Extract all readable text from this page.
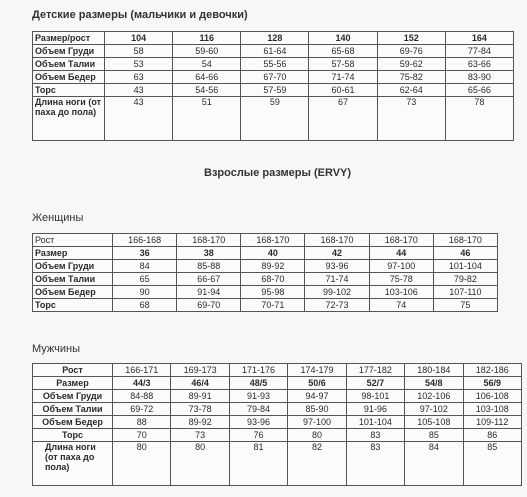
Детские размеры (мальчики и девочки)
Размер/рост	104	116	128	140	152	164
Объем Груди	58	59-60	61-64	65-68	69-76	77-84
Объем Талии	53	54	55-56	57-58	59-62	63-66
Объем Бедер	63	64-66	67-70	71-74	75-82	83-90
Торс	43	54-56	57-59	60-61	62-64	65-66
Длина ноги (от паха до пола)	43	51	59	67	73	78
Взрослые размеры (ERVY)
Женщины
Рост	166-168	168-170	168-170	168-170	168-170	168-170
Размер	36	38	40	42	44	46
Объем Груди	84	85-88	89-92	93-96	97-100	101-104
Объем Талии	65	66-67	68-70	71-74	75-78	79-82
Объем Бедер	90	91-94	95-98	99-102	103-106	107-110
Торс	68	69-70	70-71	72-73	74	75
Мужчины
Рост	166-171	169-173	171-176	174-179	177-182	180-184	182-186
Размер	44/3	46/4	48/5	50/6	52/7	54/8	56/9
Объем Груди	84-88	89-91	91-93	94-97	98-101	102-106	106-108
Объем Талии	69-72	73-78	79-84	85-90	91-96	97-102	103-108
Объем Бедер	88	89-92	93-96	97-100	101-104	105-108	109-112
Торс	70	73	76	80	83	85	86
Длина ноги (от паха до пола)	80	80	81	82	83	84	85
